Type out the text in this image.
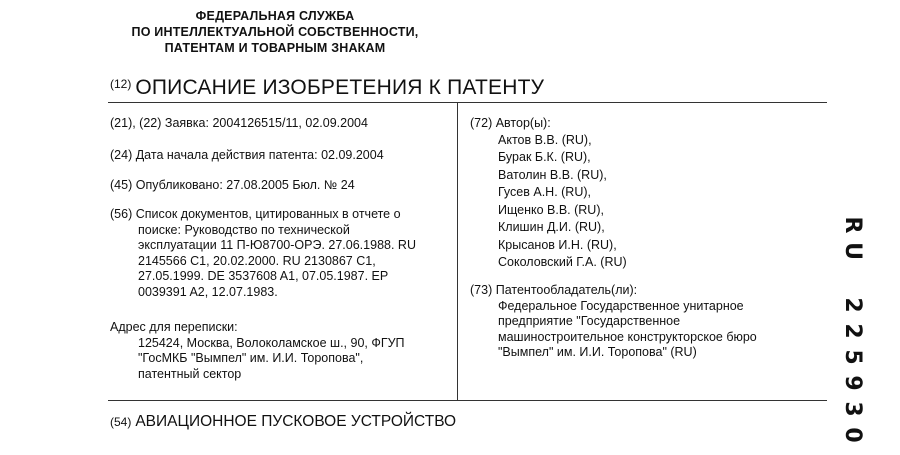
ФЕДЕРАЛЬНАЯ СЛУЖБА
ПО ИНТЕЛЛЕКТУАЛЬНОЙ СОБСТВЕННОСТИ,
ПАТЕНТАМ И ТОВАРНЫМ ЗНАКАМ
$^{(12)}$ ОПИСАНИЕ ИЗОБРЕТЕНИЯ К ПАТЕНТУ
(21), (22) Заявка: 2004126515/11, 02.09.2004
(24) Дата начала действия патента: 02.09.2004
(45) Опубликовано: 27.08.2005 Бюл. № 24
(56) Список документов, цитированных в отчете о
поиске: Руководство по технической
эксплуатации 11 П-Ю8700-ОРЭ. 27.06.1988. RU
2145566 C1, 20.02.2000. RU 2130867 C1,
27.05.1999. DE 3537608 A1, 07.05.1987. EP
0039391 A2, 12.07.1983.
Адрес для переписки:
125424, Москва, Волоколамское ш., 90, ФГУП
"ГосМКБ "Вымпел" им. И.И. Торопова",
патентный сектор
(72) Автор(ы):
Актов В.В. (RU),
Бурак Б.К. (RU),
Ватолин В.В. (RU),
Гусев А.Н. (RU),
Ищенко В.В. (RU),
Клишин Д.И. (RU),
Крысанов И.Н. (RU),
Соколовский Г.А. (RU)
(73) Патентообладатель(ли):
Федеральное Государственное унитарное
предприятие "Государственное
машиностроительное конструкторское бюро
"Вымпел" им. И.И. Торопова" (RU)
R
U
2
2
5
9
3
0
(54) АВИАЦИОННОЕ ПУСКОВОЕ УСТРОЙСТВО
